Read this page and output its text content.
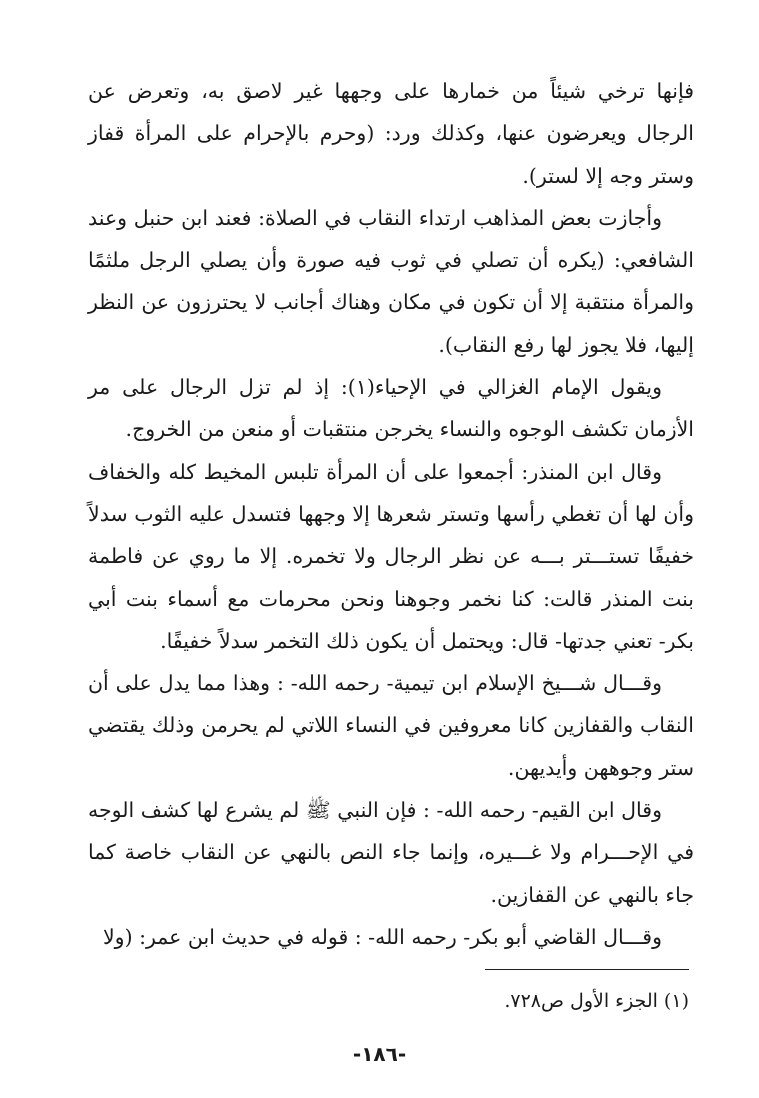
فإنها ترخي شيئاً من خمارها على وجهها غير لاصق به، وتعرض عن الرجال ويعرضون عنها، وكذلك ورد: (وحرم بالإحرام على المرأة قفاز وستر وجه إلا لستر).

وأجازت بعض المذاهب ارتداء النقاب في الصلاة: فعند ابن حنبل وعند الشافعي: (يكره أن تصلي في ثوب فيه صورة وأن يصلي الرجل ملثمًا والمرأة منتقبة إلا أن تكون في مكان وهناك أجانب لا يحترزون عن النظر إليها، فلا يجوز لها رفع النقاب).

ويقول الإمام الغزالي في الإحياء(١): إذ لم تزل الرجال على مر الأزمان تكشف الوجوه والنساء يخرجن منتقبات أو منعن من الخروج.

وقال ابن المنذر: أجمعوا على أن المرأة تلبس المخيط كله والخفاف وأن لها أن تغطي رأسها وتستر شعرها إلا وجهها فتسدل عليه الثوب سدلاً خفيفًا تستـــتر بـــه عن نظر الرجال ولا تخمره. إلا ما روي عن فاطمة بنت المنذر قالت: كنا نخمر وجوهنا ونحن محرمات مع أسماء بنت أبي بكر- تعني جدتها- قال: ويحتمل أن يكون ذلك التخمر سدلاً خفيفًا.

وقـــال شـــيخ الإسلام ابن تيمية- رحمه الله- : وهذا مما يدل على أن النقاب والقفازين كانا معروفين في النساء اللاتي لم يحرمن وذلك يقتضي ستر وجوههن وأيديهن.

وقال ابن القيم- رحمه الله- : فإن النبي ﷺ لم يشرع لها كشف الوجه في الإحـــرام ولا غـــيره، وإنما جاء النص بالنهي عن النقاب خاصة كما جاء بالنهي عن القفازين.

وقـــال القاضي أبو بكر- رحمه الله- : قوله في حديث ابن عمر: (ولا

(١) الجزء الأول ص٧٢٨.
-١٨٦-
